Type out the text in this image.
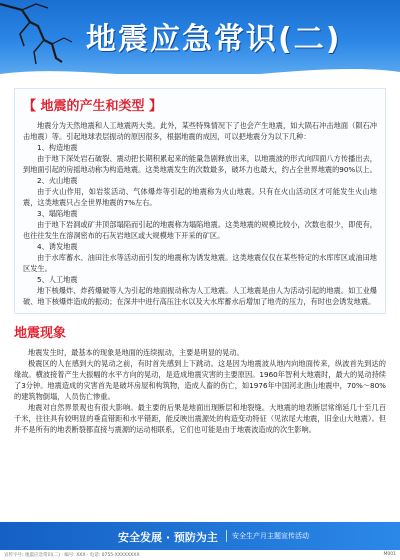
地震应急常识(二)
【 地震的产生和类型 】

地震分为天然地震和人工地震两大类。此外，某些特殊情况下了也会产生地震，如大陨石冲击地面（陨石冲击地震）等。引起地球表层振动的原因很多，根据地震的成因，可以把地震分为以下几种：

1、构造地震

由于地下深处岩石破裂、震动把长期积累起来的能量急剧释放出来，以地震波的形式向四面八方传播出去，到地面引起的房摇地动称为构造地震。这类地震发生的次数最多，破坏力也最大，约占全世界地震的90%以上。

2、火山地震

由于火山作用，如岩浆活动、气体爆炸等引起的地震称为火山地震。只有在火山活动区才可能发生火山地震，这类地震只占全世界地震的7%左右。

3、塌陷地震

由于地下岩洞或矿井顶部塌陷而引起的地震称为塌陷地震。这类地震的规模比较小，次数也很少，即使有，也往往发生在溶洞密布的石灰岩地区或大规模地下开采的矿区。

4、诱发地震

由于水库蓄水、油田注水等活动而引发的地震称为诱发地震。这类地震仅仅在某些特定的水库库区或油田地区发生。

5、人工地震

地下核爆炸、炸药爆破等人为引起的地面振动称为人工地震。人工地震是由人为活动引起的地震。如工业爆破、地下核爆炸造成的振动；在深井中进行高压注水以及大水库蓄水后增加了地壳的压力，有时也会诱发地震。

地震现象

地震发生时，最基本的现象是地面的连续振动，主要是明显的晃动。

极震区的人在感到大的晃动之前，有时首先感到上下跳动。这是因为地震波从地内向地面传来，纵波首先到达的缘故。横波接着产生大振幅的水平方向的晃动，是造成地震灾害的主要原因。1960年智利大地震时，最大的晃动持续了3分钟。地震造成的灾害首先是破坏房屋和构筑物，造成人畜的伤亡，如1976年中国河北唐山地震中，70%～80%的建筑物倒塌，人员伤亡惨重。

地震对自然界景观也有很大影响。最主要的后果是地面出现断层和地裂缝。大地震的地表断层常绵延几十至几百千米，往往具有较明显的垂直错距和水平错距，能反映出震源处的构造变动特征（见浓尾大地震，旧金山大地震）。但并不是所有的地表断裂都直接与震源的运动相联系，它们也可能是由于地震波造成的次生影响。

安全发展 · 预防为主 安全生产月主题宣传活动
宣传字号: 地震应急常识(二) · 编号: XXX · 电话: 0755-XXXXXXXX	M001
